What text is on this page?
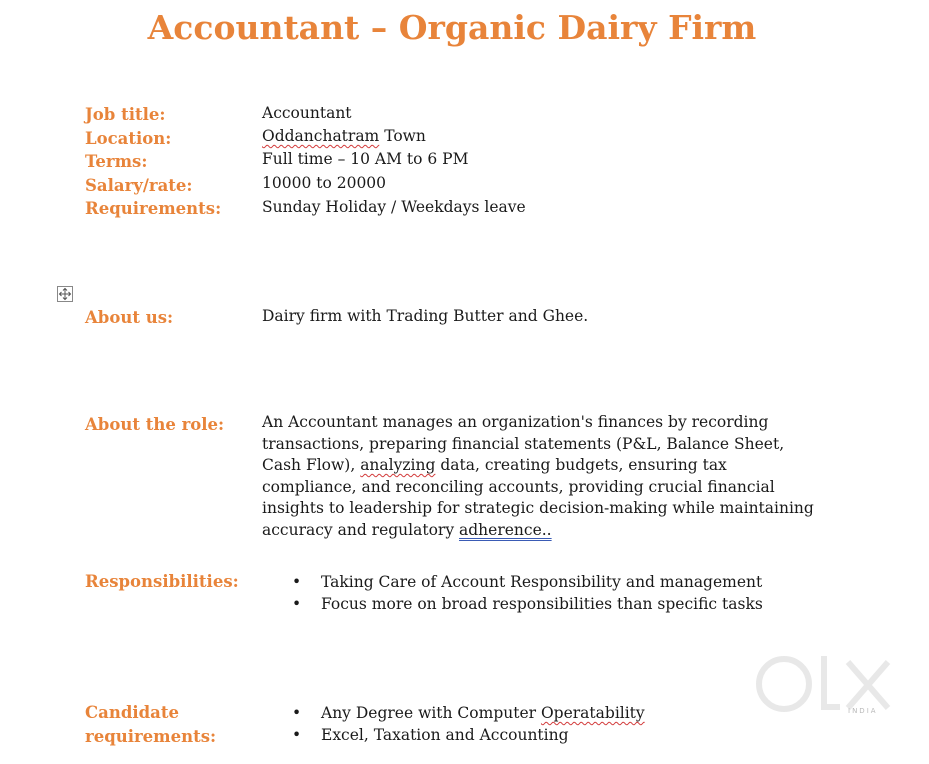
Accountant – Organic Dairy Firm
Job title:	Accountant
Location:	Oddanchatram Town
Terms:	Full time – 10 AM to 6 PM
Salary/rate:	10000 to 20000
Requirements:	Sunday Holiday / Weekdays leave
About us:	Dairy firm with Trading Butter and Ghee.
About the role: An Accountant manages an organization's finances by recording transactions, preparing financial statements (P&L, Balance Sheet, Cash Flow), analyzing data, creating budgets, ensuring tax compliance, and reconciling accounts, providing crucial financial insights to leadership for strategic decision-making while maintaining accuracy and regulatory adherence..
Responsibilities:	• Taking Care of Account Responsibility and management
• Focus more on broad responsibilities than specific tasks
Candidate
requirements:
• Any Degree with Computer Operatability
• Excel, Taxation and Accounting
INDIA
